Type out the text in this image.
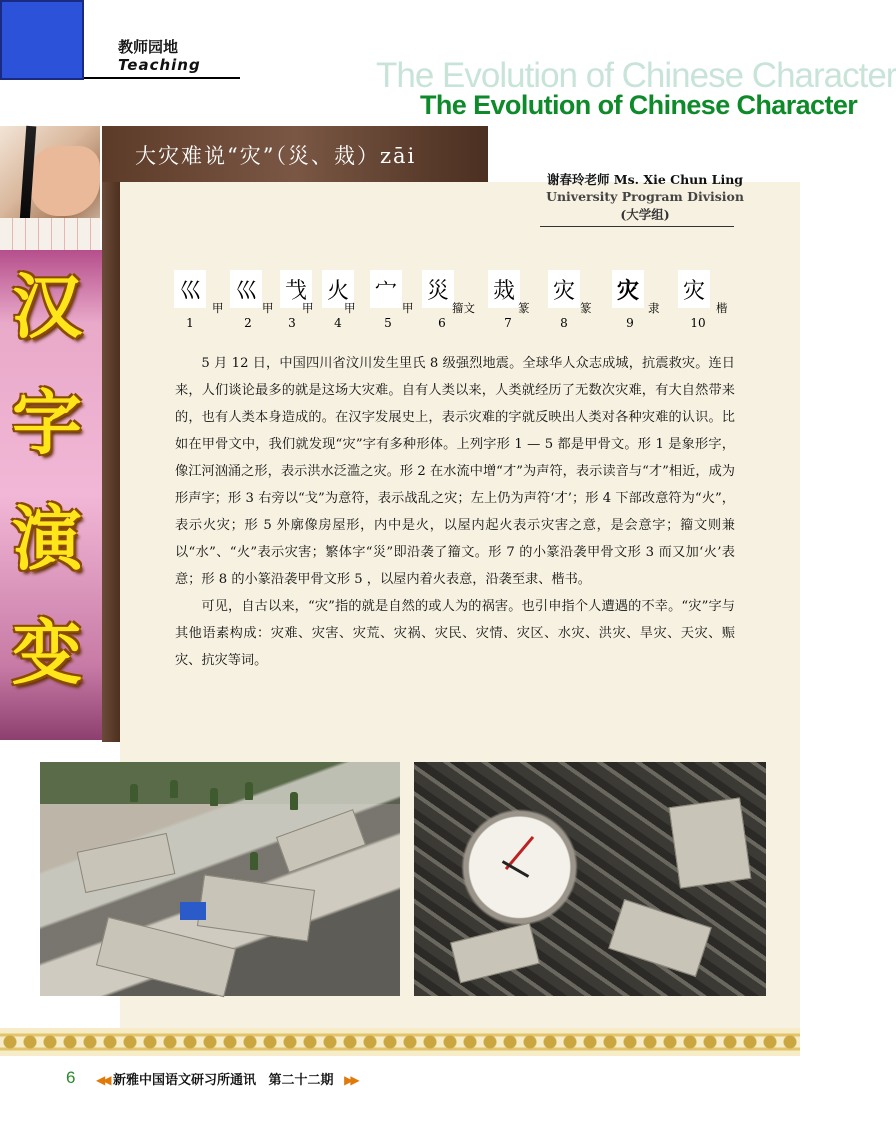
教师园地
Teaching	The Evolution of Chinese Character
The Evolution of Chinese Character
汉
字
演
变
大灾难说“灾”（災、烖）zāi
谢春玲老师 Ms. Xie Chun Ling
University Program Division
(大学组)
巛
甲
1
巛
甲
2
𢦏
甲
3
火
甲
4
宀
甲
5
災
籀文
6
烖
篆
7
灾
篆
8
灾
隶
9
灾
楷
10

5 月 12 日，中国四川省汶川发生里氏 8 级强烈地震。全球华人众志成城，抗震救灾。连日来，人们谈论最多的就是这场大灾难。自有人类以来，人类就经历了无数次灾难，有大自然带来的，也有人类本身造成的。在汉字发展史上，表示灾难的字就反映出人类对各种灾难的认识。比如在甲骨文中，我们就发现“灾”字有多种形体。上列字形 1 — 5 都是甲骨文。形 1 是象形字，像江河汹涌之形，表示洪水泛滥之灾。形 2 在水流中增“才”为声符，表示读音与“才”相近，成为形声字；形 3 右旁以“戈”为意符，表示战乱之灾；左上仍为声符‘才’；形 4 下部改意符为“火”，表示火灾；形 5 外廓像房屋形，内中是火，以屋内起火表示灾害之意，是会意字；籀文则兼以“水”、“火”表示灾害；繁体字“災”即沿袭了籀文。形 7 的小篆沿袭甲骨文形 3 而又加‘火’表意；形 8 的小篆沿袭甲骨文形 5 ，以屋内着火表意，沿袭至隶、楷书。

可见，自古以来，“灾”指的就是自然的或人为的祸害。也引申指个人遭遇的不幸。“灾”字与其他语素构成：灾难、灾害、灾荒、灾祸、灾民、灾情、灾区、水灾、洪灾、旱灾、天灾、赈灾、抗灾等词。

6 ◀◀ 新雅中国语文研习所通讯 第二十二期 ▶▶
